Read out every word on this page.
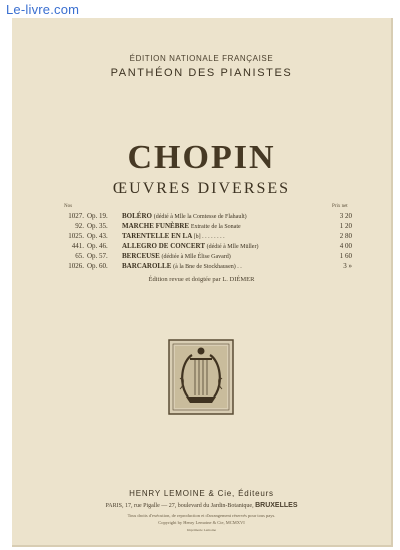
Le-livre.com
ÉDITION NATIONALE FRANÇAISE
PANTHÉON DES PIANISTES
CHOPIN
ŒUVRES DIVERSES
Nos	Prix net
1027. Op. 19.	BOLÉRO (dédié à Mlle la Comtesse de Flahault)	3 20
92. Op. 35.	MARCHE FUNÈBRE Extraite de la Sonate	1 20
1025. Op. 43.	TARENTELLE EN LA [b] . . . . . . . .	2 80
441. Op. 46.	ALLEGRO DE CONCERT (dédié à Mlle Müller)	4 00
65. Op. 57.	BERCEUSE (dédiée à Mlle Élise Gavard)	1 60
1026. Op. 60.	BARCAROLLE (à la Bne de Stockhausen) . .	3 »
Édition revue et doigtée par L. DIÉMER
HENRY LEMOINE & Cie, Éditeurs
PARIS, 17, rue Pigalle — 27, boulevard du Jardin-Botanique, BRUXELLES
Tous droits d'exécution, de reproduction et d'arrangement réservés pour tous pays.
Copyright by Henry Lemoine & Cie, MCMXVI
Imprimerie Lemoine
